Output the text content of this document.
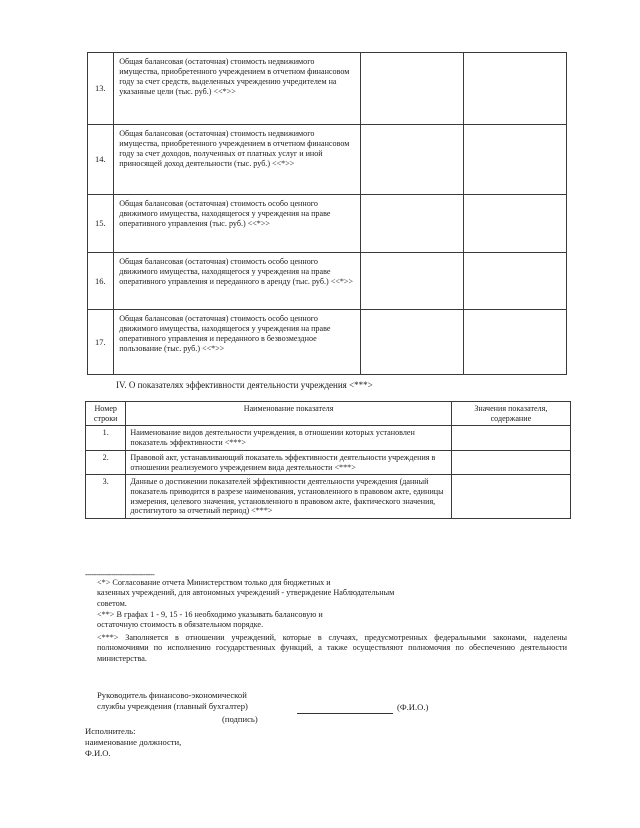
13.	Общая балансовая (остаточная) стоимость недвижимого имущества, приобретенного учреждением в отчетном финансовом году за счет средств, выделенных учреждению учредителем на указанные цели (тыс. руб.) <<*>>		
14.	Общая балансовая (остаточная) стоимость недвижимого имущества, приобретенного учреждением в отчетном финансовом году за счет доходов, полученных от платных услуг и иной приносящей доход деятельности (тыс. руб.) <<*>>		
15.	Общая балансовая (остаточная) стоимость особо ценного движимого имущества, находящегося у учреждения на праве оперативного управления (тыс. руб.) <<*>>		
16.	Общая балансовая (остаточная) стоимость особо ценного движимого имущества, находящегося у учреждения на праве оперативного управления и переданного в аренду (тыс. руб.) <<*>>		
17.	Общая балансовая (остаточная) стоимость особо ценного движимого имущества, находящегося у учреждения на праве оперативного управления и переданного в безвозмездное пользование (тыс. руб.) <<*>>		
IV. О показателях эффективности деятельности учреждения <***>
Номер строки	Наименование показателя	Значения показателя, содержание
1.	Наименование видов деятельности учреждения, в отношении которых установлен показатель эффективности <***>	
2.	Правовой акт, устанавливающий показатель эффективности деятельности учреждения в отношении реализуемого учреждением вида деятельности <***>	
3.	Данные о достижении показателей эффективности деятельности учреждения (данный показатель приводится в разрезе наименования, установленного в правовом акте, единицы измерения, целевого значения, установленного в правовом акте, фактического значения, достигнутого за отчетный период) <***>	
--------------------------------
<*> Согласование отчета Министерством только для бюджетных и
казенных учреждений, для автономных учреждений - утверждение Наблюдательным
советом.
<**> В графах 1 - 9, 15 - 16 необходимо указывать балансовую и
остаточную стоимость в обязательном порядке.
<***> Заполняется в отношении учреждений, которые в случаях, предусмотренных федеральными законами, наделены полномочиями по исполнению государственных функций, а также осуществляют полномочия по обеспечению деятельности министерства.
Руководитель финансово-экономической
службы учреждения (главный бухгалтер)	(Ф.И.О.)
(подпись)
Исполнитель:
наименование должности,
Ф.И.О.
